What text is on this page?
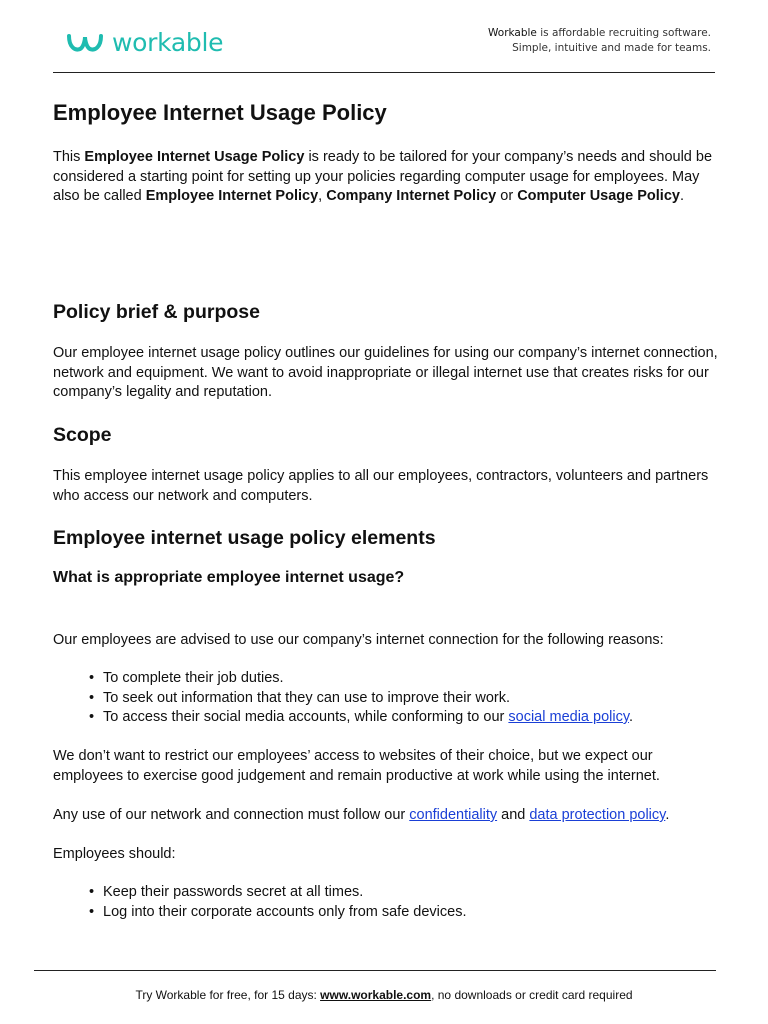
workable	Workable is affordable recruiting software.
Simple, intuitive and made for teams.
Employee Internet Usage Policy

This Employee Internet Usage Policy is ready to be tailored for your company’s needs and should be considered a starting point for setting up your policies regarding computer usage for employees. May also be called Employee Internet Policy, Company Internet Policy or Computer Usage Policy.

Policy brief & purpose

Our employee internet usage policy outlines our guidelines for using our company’s internet connection, network and equipment. We want to avoid inappropriate or illegal internet use that creates risks for our company’s legality and reputation.

Scope

This employee internet usage policy applies to all our employees, contractors, volunteers and partners who access our network and computers.

Employee internet usage policy elements
What is appropriate employee internet usage?

Our employees are advised to use our company’s internet connection for the following reasons:

• To complete their job duties.
• To seek out information that they can use to improve their work.
• To access their social media accounts, while conforming to our social media policy.

We don’t want to restrict our employees’ access to websites of their choice, but we expect our employees to exercise good judgement and remain productive at work while using the internet.

Any use of our network and connection must follow our confidentiality and data protection policy.

Employees should:

• Keep their passwords secret at all times.
• Log into their corporate accounts only from safe devices.
Try Workable for free, for 15 days: www.workable.com, no downloads or credit card required
